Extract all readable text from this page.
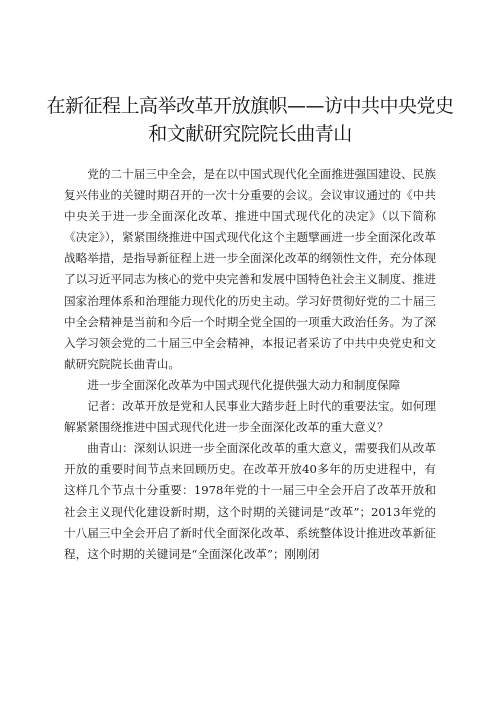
在新征程上高举改革开放旗帜——访中共中央党史
和文献研究院院长曲青山

党的二十届三中全会，是在以中国式现代化全面推进强国建设、民族复兴伟业的关键时期召开的一次十分重要的会议。会议审议通过的《中共中央关于进一步全面深化改革、推进中国式现代化的决定》（以下简称《决定》），紧紧围绕推进中国式现代化这个主题擘画进一步全面深化改革战略举措，是指导新征程上进一步全面深化改革的纲领性文件，充分体现了以习近平同志为核心的党中央完善和发展中国特色社会主义制度、推进国家治理体系和治理能力现代化的历史主动。学习好贯彻好党的二十届三中全会精神是当前和今后一个时期全党全国的一项重大政治任务。为了深入学习领会党的二十届三中全会精神，本报记者采访了中共中央党史和文献研究院院长曲青山。

进一步全面深化改革为中国式现代化提供强大动力和制度保障

记者：改革开放是党和人民事业大踏步赶上时代的重要法宝。如何理解紧紧围绕推进中国式现代化进一步全面深化改革的重大意义？

曲青山：深刻认识进一步全面深化改革的重大意义，需要我们从改革开放的重要时间节点来回顾历史。在改革开放40多年的历史进程中，有这样几个节点十分重要：1978年党的十一届三中全会开启了改革开放和社会主义现代化建设新时期，这个时期的关键词是“改革”；2013年党的十八届三中全会开启了新时代全面深化改革、系统整体设计推进改革新征程，这个时期的关键词是“全面深化改革”；刚刚闭
